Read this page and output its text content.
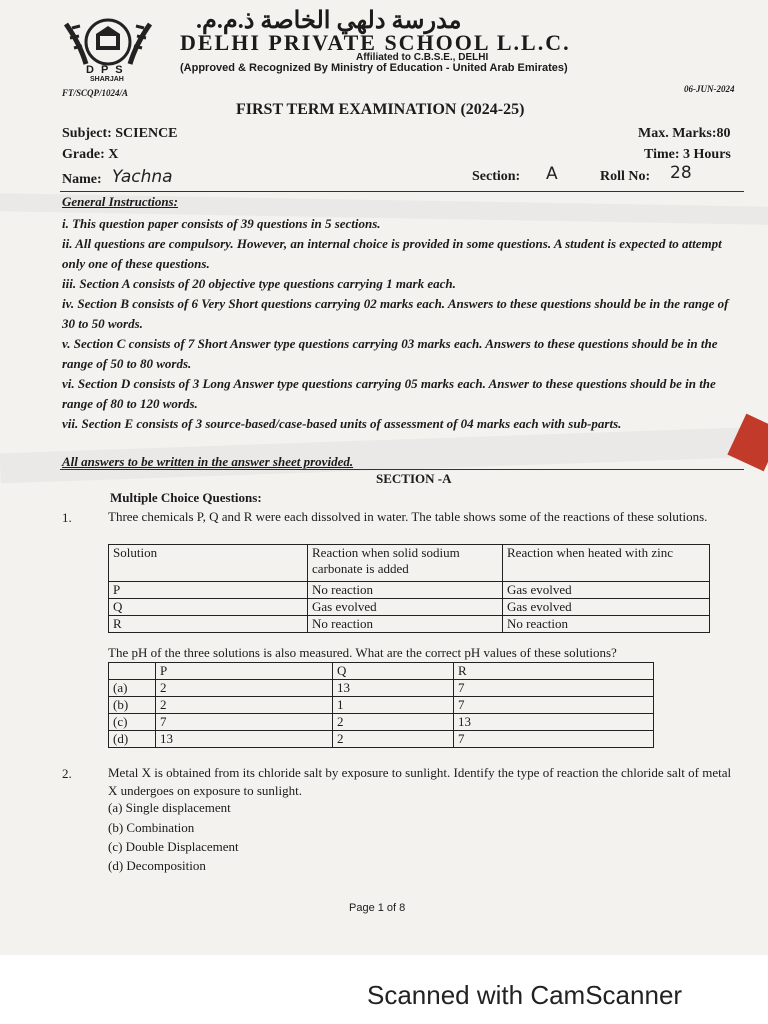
D P S
SHARJAH
مدرسة دلهي الخاصة ذ.م.م.
DELHI PRIVATE SCHOOL L.L.C.
Affiliated to C.B.S.E., DELHI
(Approved & Recognized By Ministry of Education - United Arab Emirates)
FT/SCQP/1024/A	06-JUN-2024
FIRST TERM EXAMINATION (2024-25)
Subject: SCIENCE
Grade: X
Name: Yachna	Section: A	Roll No: 28
Max. Marks:80
Time: 3 Hours
General Instructions:
i. This question paper consists of 39 questions in 5 sections.
ii. All questions are compulsory. However, an internal choice is provided in some questions. A student is expected to attempt only one of these questions.
iii. Section A consists of 20 objective type questions carrying 1 mark each.
iv. Section B consists of 6 Very Short questions carrying 02 marks each. Answers to these questions should be in the range of 30 to 50 words.
v. Section C consists of 7 Short Answer type questions carrying 03 marks each. Answers to these questions should be in the range of 50 to 80 words.
vi. Section D consists of 3 Long Answer type questions carrying 05 marks each. Answer to these questions should be in the range of 80 to 120 words.
vii. Section E consists of 3 source-based/case-based units of assessment of 04 marks each with sub-parts.
All answers to be written in the answer sheet provided.
SECTION -A
Multiple Choice Questions:
1.	Three chemicals P, Q and R were each dissolved in water. The table shows some of the reactions of these solutions.
Solution	Reaction when solid sodium carbonate is added	Reaction when heated with zinc
P	No reaction	Gas evolved
Q	Gas evolved	Gas evolved
R	No reaction	No reaction
The pH of the three solutions is also measured. What are the correct pH values of these solutions?
	P	Q	R
(a)	2	13	7
(b)	2	1	7
(c)	7	2	13
(d)	13	2	7
2.	Metal X is obtained from its chloride salt by exposure to sunlight. Identify the type of reaction the chloride salt of metal X undergoes on exposure to sunlight.
(a) Single displacement
(b) Combination
(c) Double Displacement
(d) Decomposition
Page 1 of 8
Scanned with CamScanner
